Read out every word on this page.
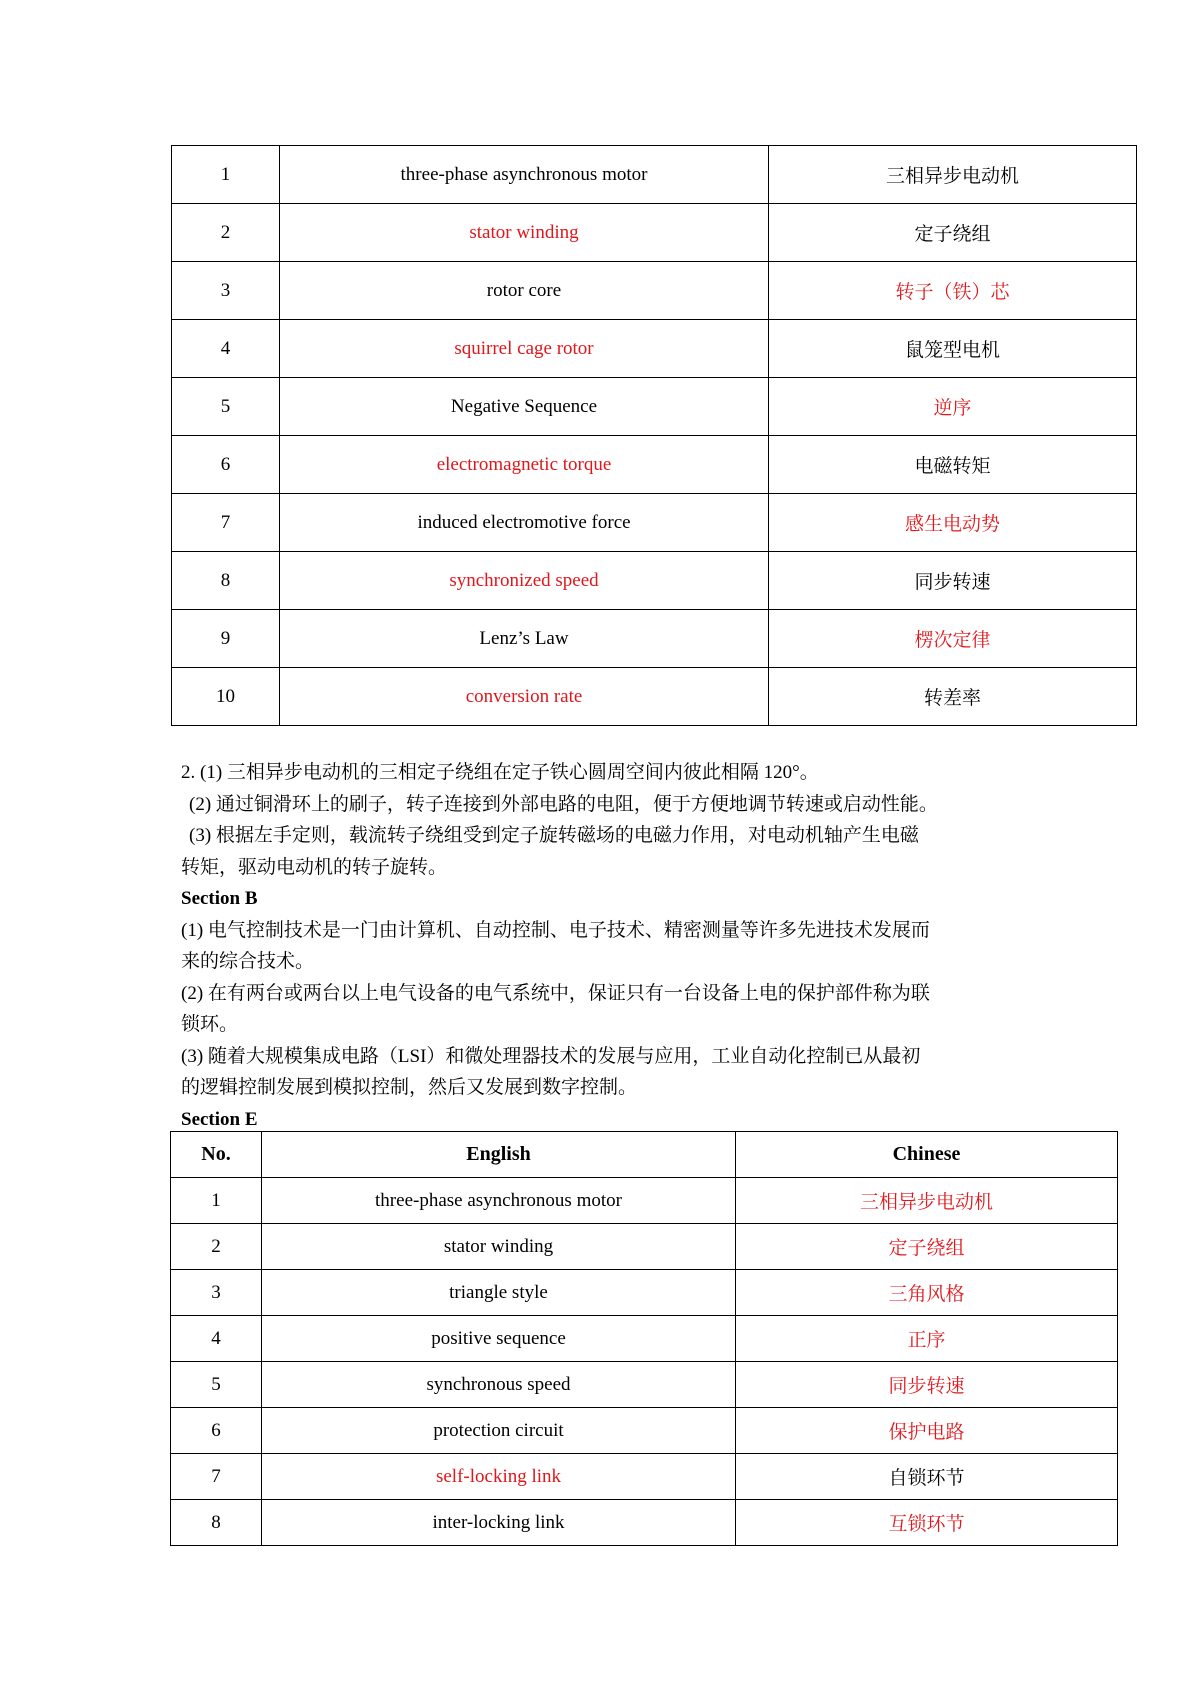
1	three-phase asynchronous motor	三相异步电动机
2	stator winding	定子绕组
3	rotor core	转子（铁）芯
4	squirrel cage rotor	鼠笼型电机
5	Negative Sequence	逆序
6	electromagnetic torque	电磁转矩
7	induced electromotive force	感生电动势
8	synchronized speed	同步转速
9	Lenz’s Law	楞次定律
10	conversion rate	转差率

2. (1) 三相异步电动机的三相定子绕组在定子铁心圆周空间内彼此相隔 120°。

(2) 通过铜滑环上的刷子，转子连接到外部电路的电阻，便于方便地调节转速或启动性能。

(3) 根据左手定则，载流转子绕组受到定子旋转磁场的电磁力作用，对电动机轴产生电磁

转矩，驱动电动机的转子旋转。

Section B

(1) 电气控制技术是一门由计算机、自动控制、电子技术、精密测量等许多先进技术发展而

来的综合技术。

(2) 在有两台或两台以上电气设备的电气系统中，保证只有一台设备上电的保护部件称为联

锁环。

(3) 随着大规模集成电路（LSI）和微处理器技术的发展与应用，工业自动化控制已从最初

的逻辑控制发展到模拟控制，然后又发展到数字控制。

Section E

No.	English	Chinese
1	three-phase asynchronous motor	三相异步电动机
2	stator winding	定子绕组
3	triangle style	三角风格
4	positive sequence	正序
5	synchronous speed	同步转速
6	protection circuit	保护电路
7	self-locking link	自锁环节
8	inter-locking link	互锁环节
